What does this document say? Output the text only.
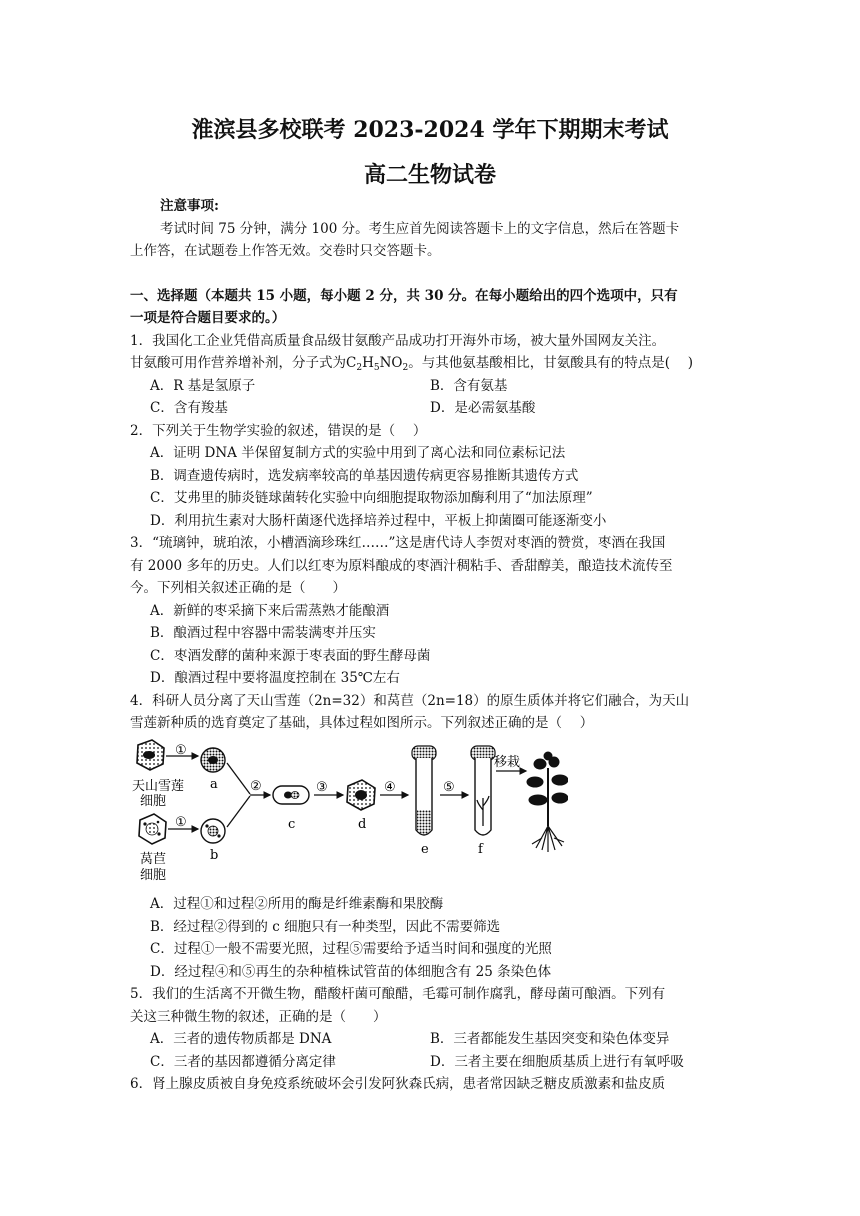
淮滨县多校联考 2023-2024 学年下期期末考试
高二生物试卷
注意事项:
考试时间 75 分钟，满分 100 分。考生应首先阅读答题卡上的文字信息，然后在答题卡
上作答，在试题卷上作答无效。交卷时只交答题卡。
一、选择题（本题共 15 小题，每小题 2 分，共 30 分。在每小题给出的四个选项中，只有
一项是符合题目要求的。）
1．我国化工企业凭借高质量食品级甘氨酸产品成功打开海外市场，被大量外国网友关注。
甘氨酸可用作营养增补剂，分子式为$C_2H_5NO_2$。与其他氨基酸相比，甘氨酸具有的特点是(　 )
A．R 基是氢原子	B．含有氨基
C．含有羧基	D．是必需氨基酸
2．下列关于生物学实验的叙述，错误的是（　 ）
A．证明 DNA 半保留复制方式的实验中用到了离心法和同位素标记法
B．调查遗传病时，选发病率较高的单基因遗传病更容易推断其遗传方式
C．艾弗里的肺炎链球菌转化实验中向细胞提取物添加酶利用了“加法原理”
D．利用抗生素对大肠杆菌逐代选择培养过程中，平板上抑菌圈可能逐渐变小
3．“琉璃钟，琥珀浓，小槽酒滴珍珠红……”这是唐代诗人李贺对枣酒的赞赏，枣酒在我国
有 2000 多年的历史。人们以红枣为原料酿成的枣酒汁稠粘手、香甜醇美，酿造技术流传至
今。下列相关叙述正确的是（　　）
A．新鲜的枣采摘下来后需蒸熟才能酿酒
B．酿酒过程中容器中需装满枣并压实
C．枣酒发酵的菌种来源于枣表面的野生酵母菌
D．酿酒过程中要将温度控制在 35℃左右
4．科研人员分离了天山雪莲（2n=32）和莴苣（2n=18）的原生质体并将它们融合，为天山
雪莲新种质的选育奠定了基础，具体过程如图所示。下列叙述正确的是（　 ）
天山雪莲
细胞
①
a
莴苣
细胞
①
b
②
c
③
d
④
e
⑤
f
移栽
A．过程①和过程②所用的酶是纤维素酶和果胶酶
B．经过程②得到的 c 细胞只有一种类型，因此不需要筛选
C．过程①一般不需要光照，过程⑤需要给予适当时间和强度的光照
D．经过程④和⑤再生的杂种植株试管苗的体细胞含有 25 条染色体
5．我们的生活离不开微生物，醋酸杆菌可酿醋，毛霉可制作腐乳，酵母菌可酿酒。下列有
关这三种微生物的叙述，正确的是（　　）
A．三者的遗传物质都是 DNA	B．三者都能发生基因突变和染色体变异
C．三者的基因都遵循分离定律	D．三者主要在细胞质基质上进行有氧呼吸
6．肾上腺皮质被自身免疫系统破坏会引发阿狄森氏病，患者常因缺乏糖皮质激素和盐皮质
